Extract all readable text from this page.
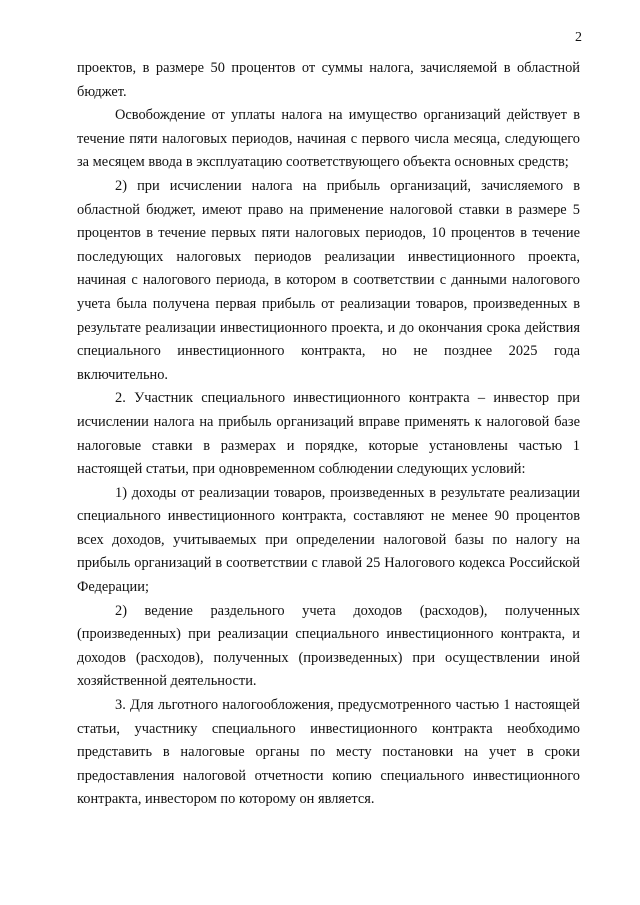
2

проектов, в размере 50 процентов от суммы налога, зачисляемой в областной бюджет.

Освобождение от уплаты налога на имущество организаций действует в течение пяти налоговых периодов, начиная с первого числа месяца, следующего за месяцем ввода в эксплуатацию соответствующего объекта основных средств;

2) при исчислении налога на прибыль организаций, зачисляемого в областной бюджет, имеют право на применение налоговой ставки в размере 5 процентов в течение первых пяти налоговых периодов, 10 процентов в течение последующих налоговых периодов реализации инвестиционного проекта, начиная с налогового периода, в котором в соответствии с данными налогового учета была получена первая прибыль от реализации товаров, произведенных в результате реализации инвестиционного проекта, и до окончания срока действия специального инвестиционного контракта, но не позднее 2025 года включительно.

2. Участник специального инвестиционного контракта – инвестор при исчислении налога на прибыль организаций вправе применять к налоговой базе налоговые ставки в размерах и порядке, которые установлены частью 1 настоящей статьи, при одновременном соблюдении следующих условий:

1) доходы от реализации товаров, произведенных в результате реализации специального инвестиционного контракта, составляют не менее 90 процентов всех доходов, учитываемых при определении налоговой базы по налогу на прибыль организаций в соответствии с главой 25 Налогового кодекса Российской Федерации;

2) ведение раздельного учета доходов (расходов), полученных (произведенных) при реализации специального инвестиционного контракта, и доходов (расходов), полученных (произведенных) при осуществлении иной хозяйственной деятельности.

3. Для льготного налогообложения, предусмотренного частью 1 настоящей статьи, участнику специального инвестиционного контракта необходимо представить в налоговые органы по месту постановки на учет в сроки предоставления налоговой отчетности копию специального инвестиционного контракта, инвестором по которому он является.
